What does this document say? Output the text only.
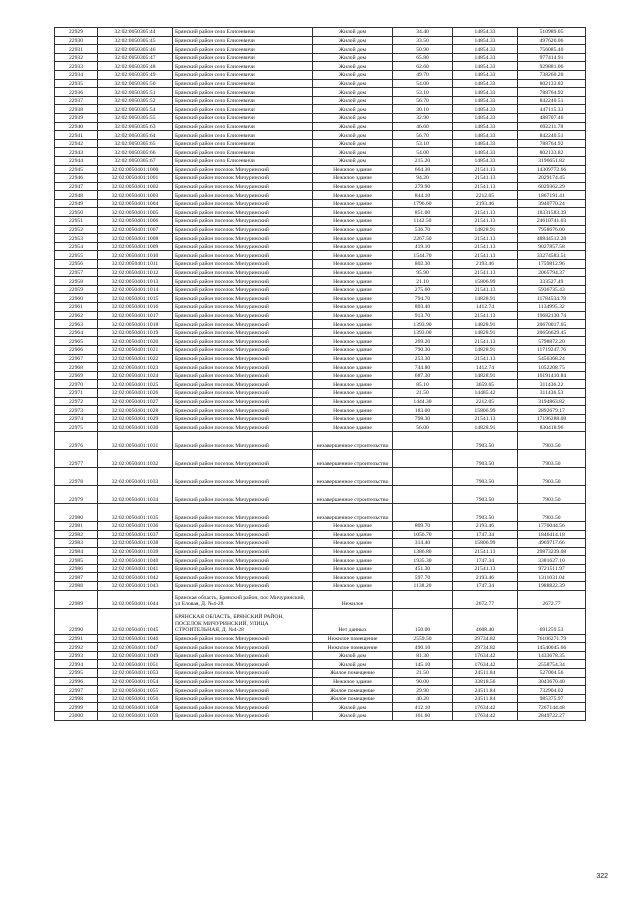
22929	32:02:0050305:44	Брянский район село Елисеевичи	Жилой дом	34.40	14854.33	510989.05
22930	32:02:0050305:45	Брянский район село Елисеевичи	Жилой дом	33.50	14854.33	497620.06
22931	32:02:0050305:46	Брянский район село Елисеевичи	Жилой дом	50.90	14854.33	756085.40
22932	32:02:0050305:47	Брянский район село Елисеевичи	Жилой дом	65.80	14854.33	977414.91
22933	32:02:0050305:48	Брянский район село Елисеевичи	Жилой дом	62.60	14854.33	929881.06
22934	32:02:0050305:49	Брянский район село Елисеевичи	Жилой дом	49.70	14854.33	738260.20
22935	32:02:0050305:50	Брянский район село Елисеевичи	Жилой дом	54.00	14854.33	802133.82
22936	32:02:0050305:51	Брянский район село Елисеевичи	Жилой дом	53.10	14854.33	788764.92
22937	32:02:0050305:52	Брянский район село Елисеевичи	Жилой дом	56.70	14854.33	842240.51
22938	32:02:0050305:54	Брянский район село Елисеевичи	Жилой дом	30.10	14854.33	447115.33
22939	32:02:0050305:55	Брянский район село Елисеевичи	Жилой дом	32.90	14854.33	488707.46
22940	32:02:0050305:63	Брянский район село Елисеевичи	Жилой дом	46.60	14854.33	692211.78
22941	32:02:0050305:64	Брянский район село Елисеевичи	Жилой дом	56.70	14854.33	842240.51
22942	32:02:0050305:65	Брянский район село Елисеевичи	Жилой дом	53.10	14854.33	788764.92
22943	32:02:0050305:66	Брянский район село Елисеевичи	Жилой дом	54.00	14854.33	802133.82
22944	32:02:0050305:67	Брянский район село Елисеевичи	Жилой дом	215.20	14854.33	3196651.82
22945	32:02:0050401:1000	Брянский район поселок Мичуринский	Нежилое здание	664.30	21541.13	14309772.66
22946	32:02:0050401:1001	Брянский район поселок Мичуринский	Нежилое здание	94.20	21541.13	2029174.45
22947	32:02:0050401:1002	Брянский район поселок Мичуринский	Нежилое здание	279.90	21541.13	6029362.29
22948	32:02:0050401:1003	Брянский район поселок Мичуринский	Нежилое здание	844.10	2212.05	1867191.41
22949	32:02:0050401:1004	Брянский район поселок Мичуринский	Нежилое здание	1796.60	2193.46	3940770.24
22950	32:02:0050401:1005	Брянский район поселок Мичуринский	Нежилое здание	851.00	21541.13	18331583.39
22951	32:02:0050401:1006	Брянский район поселок Мичуринский	Нежилое здание	1142.50	21541.13	24610741.03
22952	32:02:0050401:1007	Брянский район поселок Мичуринский	Нежилое здание	536.70	14828.91	7958676.00
22953	32:02:0050401:1008	Брянский район поселок Мичуринский	Нежилое здание	2267.50	21541.13	48844512.28
22954	32:02:0050401:1009	Брянский район поселок Мичуринский	Нежилое здание	419.10	21541.13	9027857.58
22955	32:02:0050401:1010	Брянский район поселок Мичуринский	Нежилое здание	1544.70	21541.13	33274583.51
22956	32:02:0050401:1011	Брянский район поселок Мичуринский	Нежилое здание	802.30	2193.46	1759812.96
22957	32:02:0050401:1012	Брянский район поселок Мичуринский	Нежилое здание	95.90	21541.13	2065794.37
22958	32:02:0050401:1013	Брянский район поселок Мичуринский	Нежилое здание	21.10	15806.99	333527.49
22959	32:02:0050401:1014	Брянский район поселок Мичуринский	Нежилое здание	275.60	21541.13	5936735.43
22960	32:02:0050401:1015	Брянский район поселок Мичуринский	Нежилое здание	794.70	14828.91	11784534.78
22961	32:02:0050401:1016	Брянский район поселок Мичуринский	Нежилое здание	803.40	1412.74	1134995.32
22962	32:02:0050401:1017	Брянский район поселок Мичуринский	Нежилое здание	913.70	21541.13	19682130.74
22963	32:02:0050401:1018	Брянский район поселок Мичуринский	Нежилое здание	1393.90	14828.91	20670017.65
22964	32:02:0050401:1019	Брянский район поселок Мичуринский	Нежилое здание	1393.00	14828.91	20656629.45
22965	32:02:0050401:1020	Брянский район поселок Мичуринский	Нежилое здание	269.20	21541.13	5798872.20
22966	32:02:0050401:1021	Брянский район поселок Мичуринский	Нежилое здание	790.30	14828.91	11719247.76
22967	32:02:0050401:1022	Брянский район поселок Мичуринский	Нежилое здание	253.30	21541.13	5456368.24
22968	32:02:0050401:1023	Брянский район поселок Мичуринский	Нежилое здание	744.80	1412.74	1052208.75
22969	32:02:0050401:1024	Брянский район поселок Мичуринский	Нежилое здание	687.30	14828.91	10191410.84
22970	32:02:0050401:1025	Брянский район поселок Мичуринский	Нежилое здание	85.10	3659.65	311436.22
22971	32:02:0050401:1026	Брянский район поселок Мичуринский	Нежилое здание	21.50	14485.42	311436.53
22972	32:02:0050401:1027	Брянский район поселок Мичуринский	Нежилое здание	1444.30	2212.05	3194863.82
22973	32:02:0050401:1028	Брянский район поселок Мичуринский	Нежилое здание	183.00	15806.99	2892679.17
22974	32:02:0050401:1029	Брянский район поселок Мичуринский	Нежилое здание	798.30	21541.13	17196288.08
22975	32:02:0050401:1030	Брянский район поселок Мичуринский	Нежилое здание	56.00	14828.91	830418.96
22976	32:02:0050401:1031	Брянский район поселок Мичуринский	незавершенное строительство		7903.50	7903.50
22977	32:02:0050401:1032	Брянский район поселок Мичуринский	незавершенное строительство		7903.50	7903.50
22978	32:02:0050401:1033	Брянский район поселок Мичуринский	незавершенное строительство		7903.50	7903.50
22979	32:02:0050401:1034	Брянский район поселок Мичуринский	незавершенное строительство		7903.50	7903.50
22980	32:02:0050401:1035	Брянский район поселок Мичуринский	незавершенное строительство		7903.50	7903.50
22981	32:02:0050401:1036	Брянский район поселок Мичуринский	Нежилое здание	809.70	2193.46	1776044.56
22982	32:02:0050401:1037	Брянский район поселок Мичуринский	Нежилое здание	1056.70	1747.34	1846414.18
22983	32:02:0050401:1038	Брянский район поселок Мичуринский	Нежилое здание	314.40	15806.99	4969717.66
22984	32:02:0050401:1039	Брянский район поселок Мичуринский	Нежилое здание	1386.80	21541.13	29873239.08
22985	32:02:0050401:1040	Брянский район поселок Мичуринский	Нежилое здание	1935.30	1747.34	3381627.10
22986	32:02:0050401:1041	Брянский район поселок Мичуринский	Нежилое здание	451.30	21541.13	9721511.97
22987	32:02:0050401:1042	Брянский район поселок Мичуринский	Нежилое здание	597.70	2193.46	1311031.04
22988	32:02:0050401:1043	Брянский район поселок Мичуринский	Нежилое здание	1138.20	1747.34	1988822.39
22989	32:02:0050401:1044	Брянская область, Брянский район, пос Мичуринский, ул Еловая, Д. №4-28	Нежилое		2672.77	2672.77
22990	32:02:0050401:1045	БРЯНСКАЯ ОБЛАСТЬ, БРЯНСКИЙ РАЙОН, ПОСЕЛОК МИЧУРИНСКИЙ, УЛИЦА СТРОИТЕЛЬНАЯ, Д. №4-28	Нет данных	150.00	4608.40	691259.53
22991	32:02:0050401:1046	Брянский район поселок Мичуринский	Нежилое помещение	2559.50	29734.82	76106271.79
22992	32:02:0050401:1047	Брянский район поселок Мичуринский	Нежилое помещение	490.10	29734.82	14540045.66
22993	32:02:0050401:1049	Брянский район поселок Мичуринский	Жилой дом	81.30	17634.42	1433678.35
22994	32:02:0050401:1051	Брянский район поселок Мичуринский	Жилой дом	145.10	17634.42	2558754.34
22995	32:02:0050401:1053	Брянский район поселок Мичуринский	Жилое помещение	21.50	24511.84	527004.56
22996	32:02:0050401:1054	Брянский район поселок Мичуринский	Нежилое здание	90.00	33818.56	3043670.40
22997	32:02:0050401:1055	Брянский район поселок Мичуринский	Жилое помещение	29.90	24511.84	732904.02
22998	32:02:0050401:1056	Брянский район поселок Мичуринский	Жилое помещение	40.20	24511.84	985375.97
22999	32:02:0050401:1058	Брянский район поселок Мичуринский	Жилой дом	412.10	17634.42	7267144.48
23000	32:02:0050401:1059	Брянский район поселок Мичуринский	Жилой дом	161.60	17634.42	2849722.27
322
